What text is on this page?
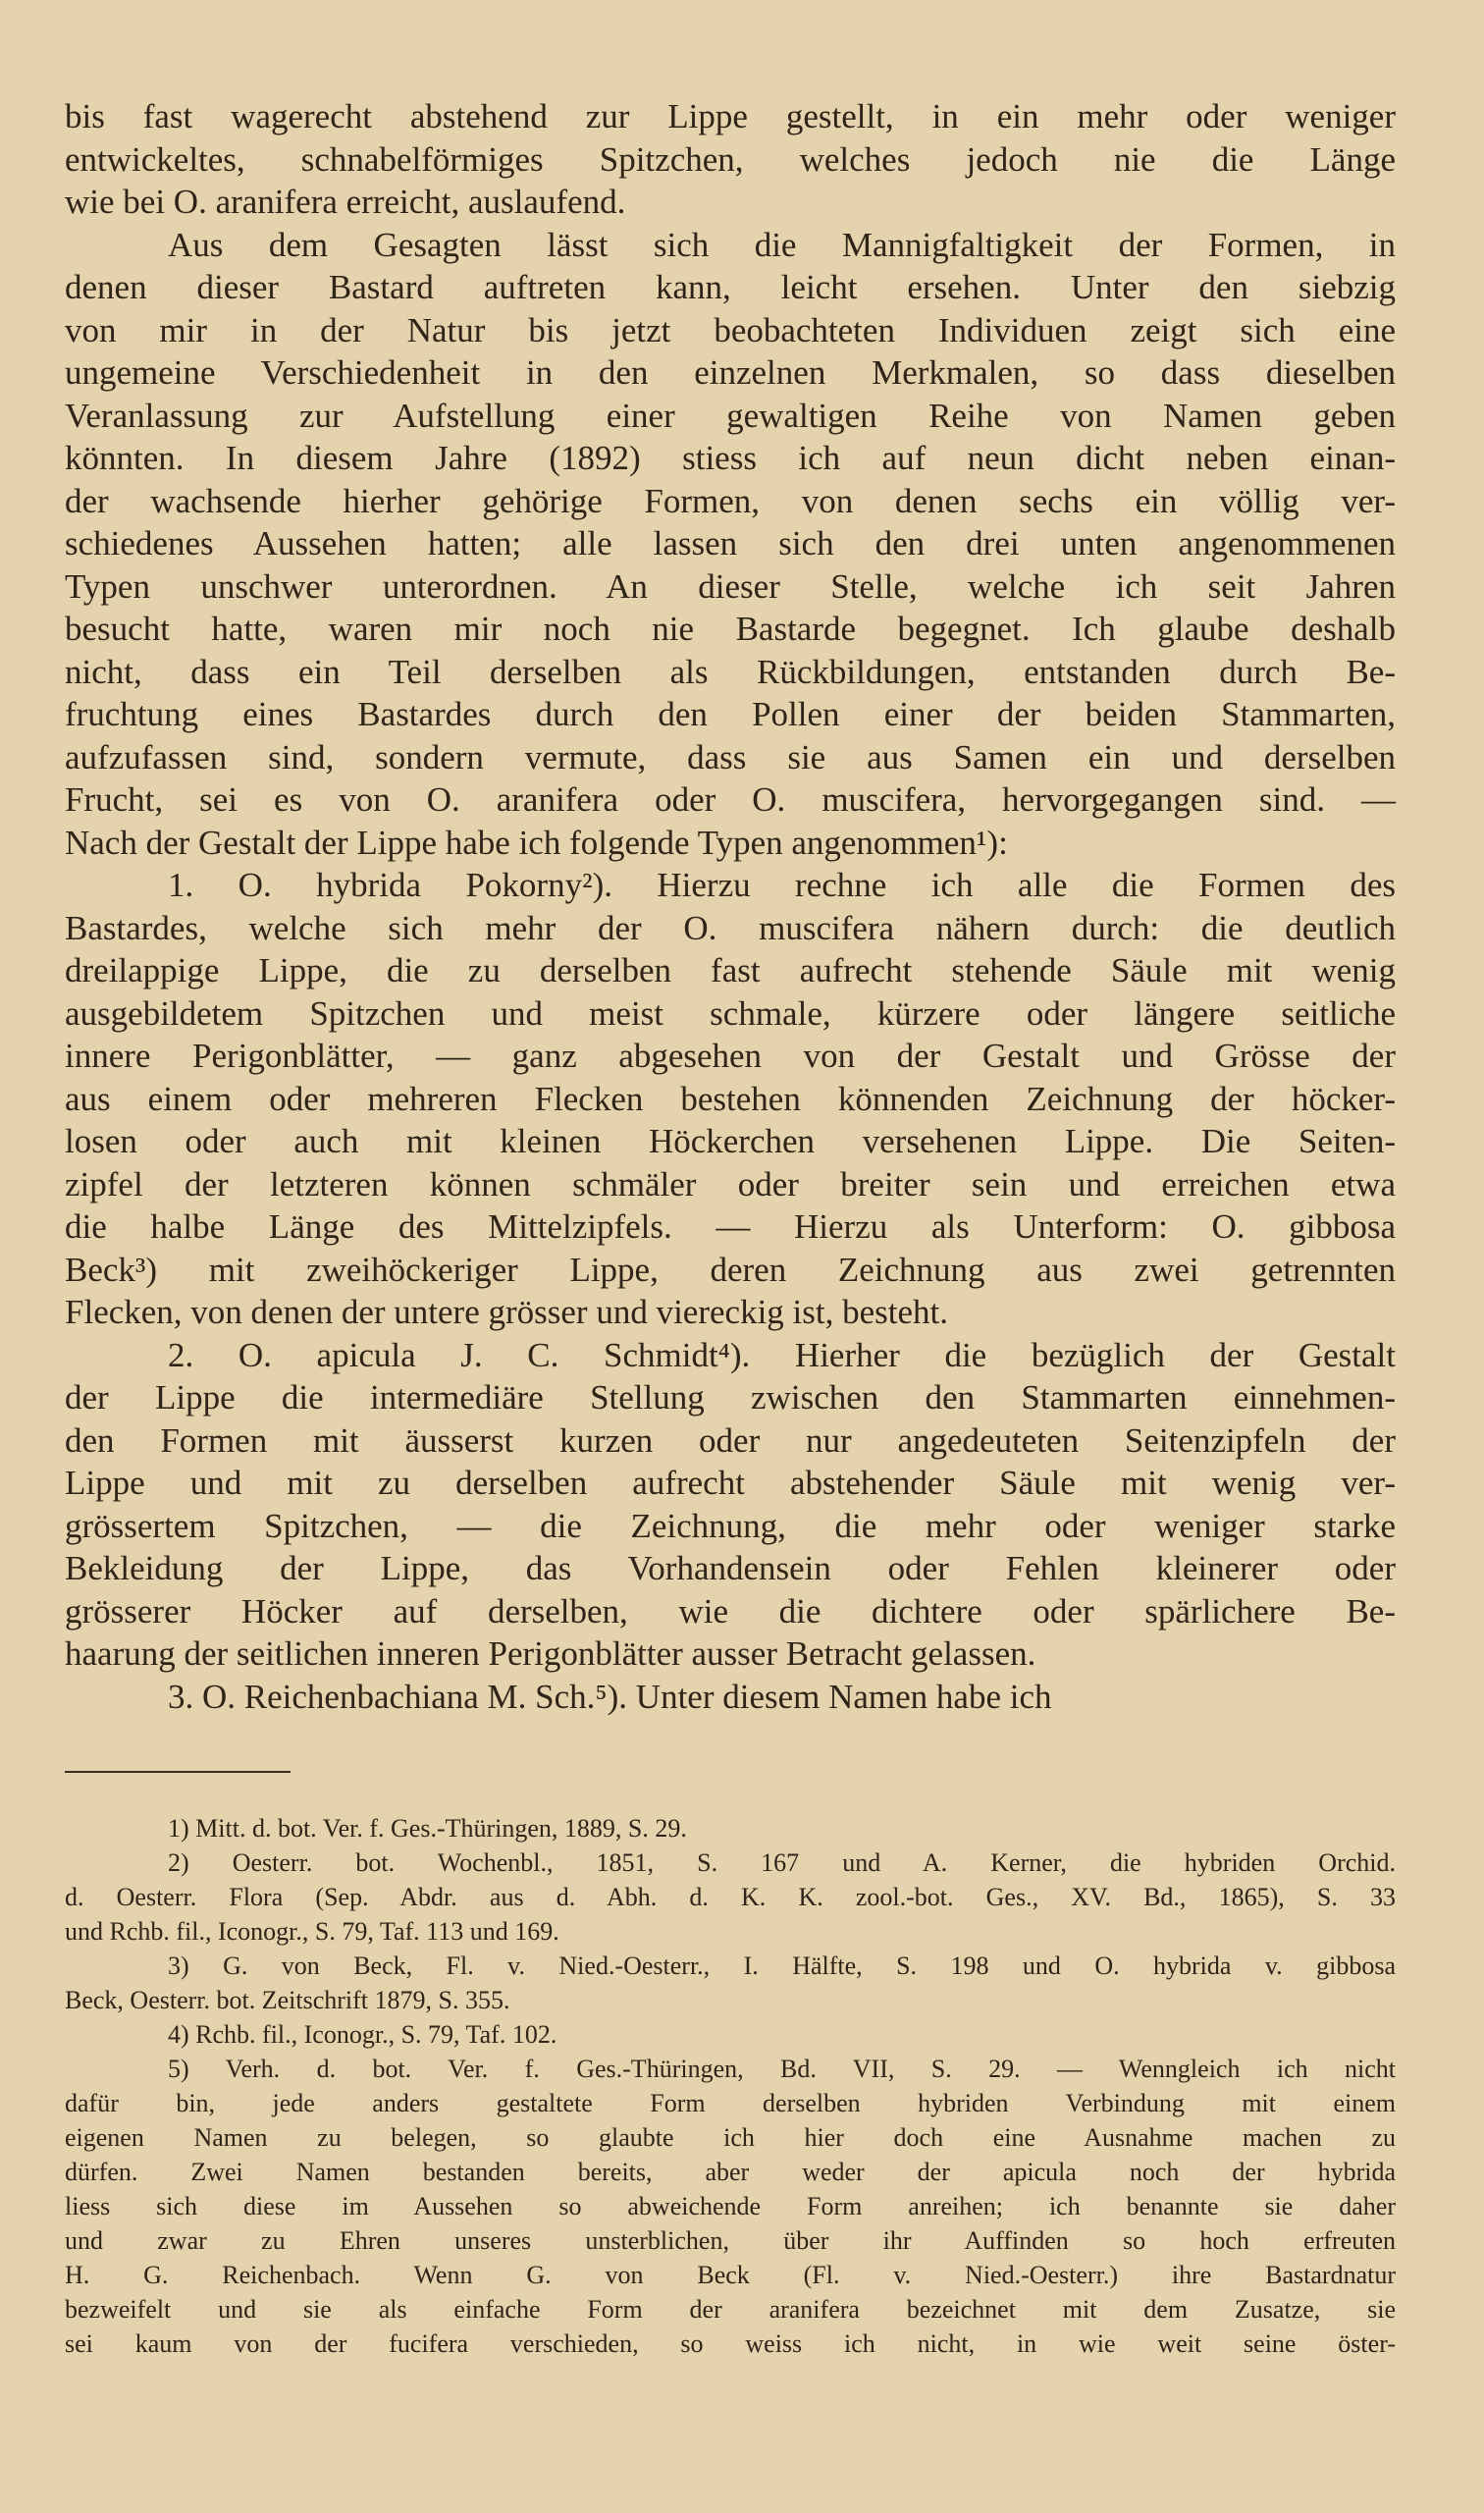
bis fast wagerecht abstehend zur Lippe gestellt, in ein mehr oder weniger
entwickeltes, schnabelförmiges Spitzchen, welches jedoch nie die Länge
wie bei O. aranifera erreicht, auslaufend.
Aus dem Gesagten lässt sich die Mannigfaltigkeit der Formen, in
denen dieser Bastard auftreten kann, leicht ersehen. Unter den siebzig
von mir in der Natur bis jetzt beobachteten Individuen zeigt sich eine
ungemeine Verschiedenheit in den einzelnen Merkmalen, so dass dieselben
Veranlassung zur Aufstellung einer gewaltigen Reihe von Namen geben
könnten. In diesem Jahre (1892) stiess ich auf neun dicht neben einan-
der wachsende hierher gehörige Formen, von denen sechs ein völlig ver-
schiedenes Aussehen hatten; alle lassen sich den drei unten angenommenen
Typen unschwer unterordnen. An dieser Stelle, welche ich seit Jahren
besucht hatte, waren mir noch nie Bastarde begegnet. Ich glaube deshalb
nicht, dass ein Teil derselben als Rückbildungen, entstanden durch Be-
fruchtung eines Bastardes durch den Pollen einer der beiden Stammarten,
aufzufassen sind, sondern vermute, dass sie aus Samen ein und derselben
Frucht, sei es von O. aranifera oder O. muscifera, hervorgegangen sind. —
Nach der Gestalt der Lippe habe ich folgende Typen angenommen¹):
1. O. hybrida Pokorny²). Hierzu rechne ich alle die Formen des
Bastardes, welche sich mehr der O. muscifera nähern durch: die deutlich
dreilappige Lippe, die zu derselben fast aufrecht stehende Säule mit wenig
ausgebildetem Spitzchen und meist schmale, kürzere oder längere seitliche
innere Perigonblätter, — ganz abgesehen von der Gestalt und Grösse der
aus einem oder mehreren Flecken bestehen könnenden Zeichnung der höcker-
losen oder auch mit kleinen Höckerchen versehenen Lippe. Die Seiten-
zipfel der letzteren können schmäler oder breiter sein und erreichen etwa
die halbe Länge des Mittelzipfels. — Hierzu als Unterform: O. gibbosa
Beck³) mit zweihöckeriger Lippe, deren Zeichnung aus zwei getrennten
Flecken, von denen der untere grösser und viereckig ist, besteht.
2. O. apicula J. C. Schmidt⁴). Hierher die bezüglich der Gestalt
der Lippe die intermediäre Stellung zwischen den Stammarten einnehmen-
den Formen mit äusserst kurzen oder nur angedeuteten Seitenzipfeln der
Lippe und mit zu derselben aufrecht abstehender Säule mit wenig ver-
grössertem Spitzchen, — die Zeichnung, die mehr oder weniger starke
Bekleidung der Lippe, das Vorhandensein oder Fehlen kleinerer oder
grösserer Höcker auf derselben, wie die dichtere oder spärlichere Be-
haarung der seitlichen inneren Perigonblätter ausser Betracht gelassen.
3. O. Reichenbachiana M. Sch.⁵). Unter diesem Namen habe ich
1) Mitt. d. bot. Ver. f. Ges.-Thüringen, 1889, S. 29.
2) Oesterr. bot. Wochenbl., 1851, S. 167 und A. Kerner, die hybriden Orchid.
d. Oesterr. Flora (Sep. Abdr. aus d. Abh. d. K. K. zool.-bot. Ges., XV. Bd., 1865), S. 33
und Rchb. fil., Iconogr., S. 79, Taf. 113 und 169.
3) G. von Beck, Fl. v. Nied.-Oesterr., I. Hälfte, S. 198 und O. hybrida v. gibbosa
Beck, Oesterr. bot. Zeitschrift 1879, S. 355.
4) Rchb. fil., Iconogr., S. 79, Taf. 102.
5) Verh. d. bot. Ver. f. Ges.-Thüringen, Bd. VII, S. 29. — Wenngleich ich nicht
dafür bin, jede anders gestaltete Form derselben hybriden Verbindung mit einem
eigenen Namen zu belegen, so glaubte ich hier doch eine Ausnahme machen zu
dürfen. Zwei Namen bestanden bereits, aber weder der apicula noch der hybrida
liess sich diese im Aussehen so abweichende Form anreihen; ich benannte sie daher
und zwar zu Ehren unseres unsterblichen, über ihr Auffinden so hoch erfreuten
H. G. Reichenbach. Wenn G. von Beck (Fl. v. Nied.-Oesterr.) ihre Bastardnatur
bezweifelt und sie als einfache Form der aranifera bezeichnet mit dem Zusatze, sie
sei kaum von der fucifera verschieden, so weiss ich nicht, in wie weit seine öster-
